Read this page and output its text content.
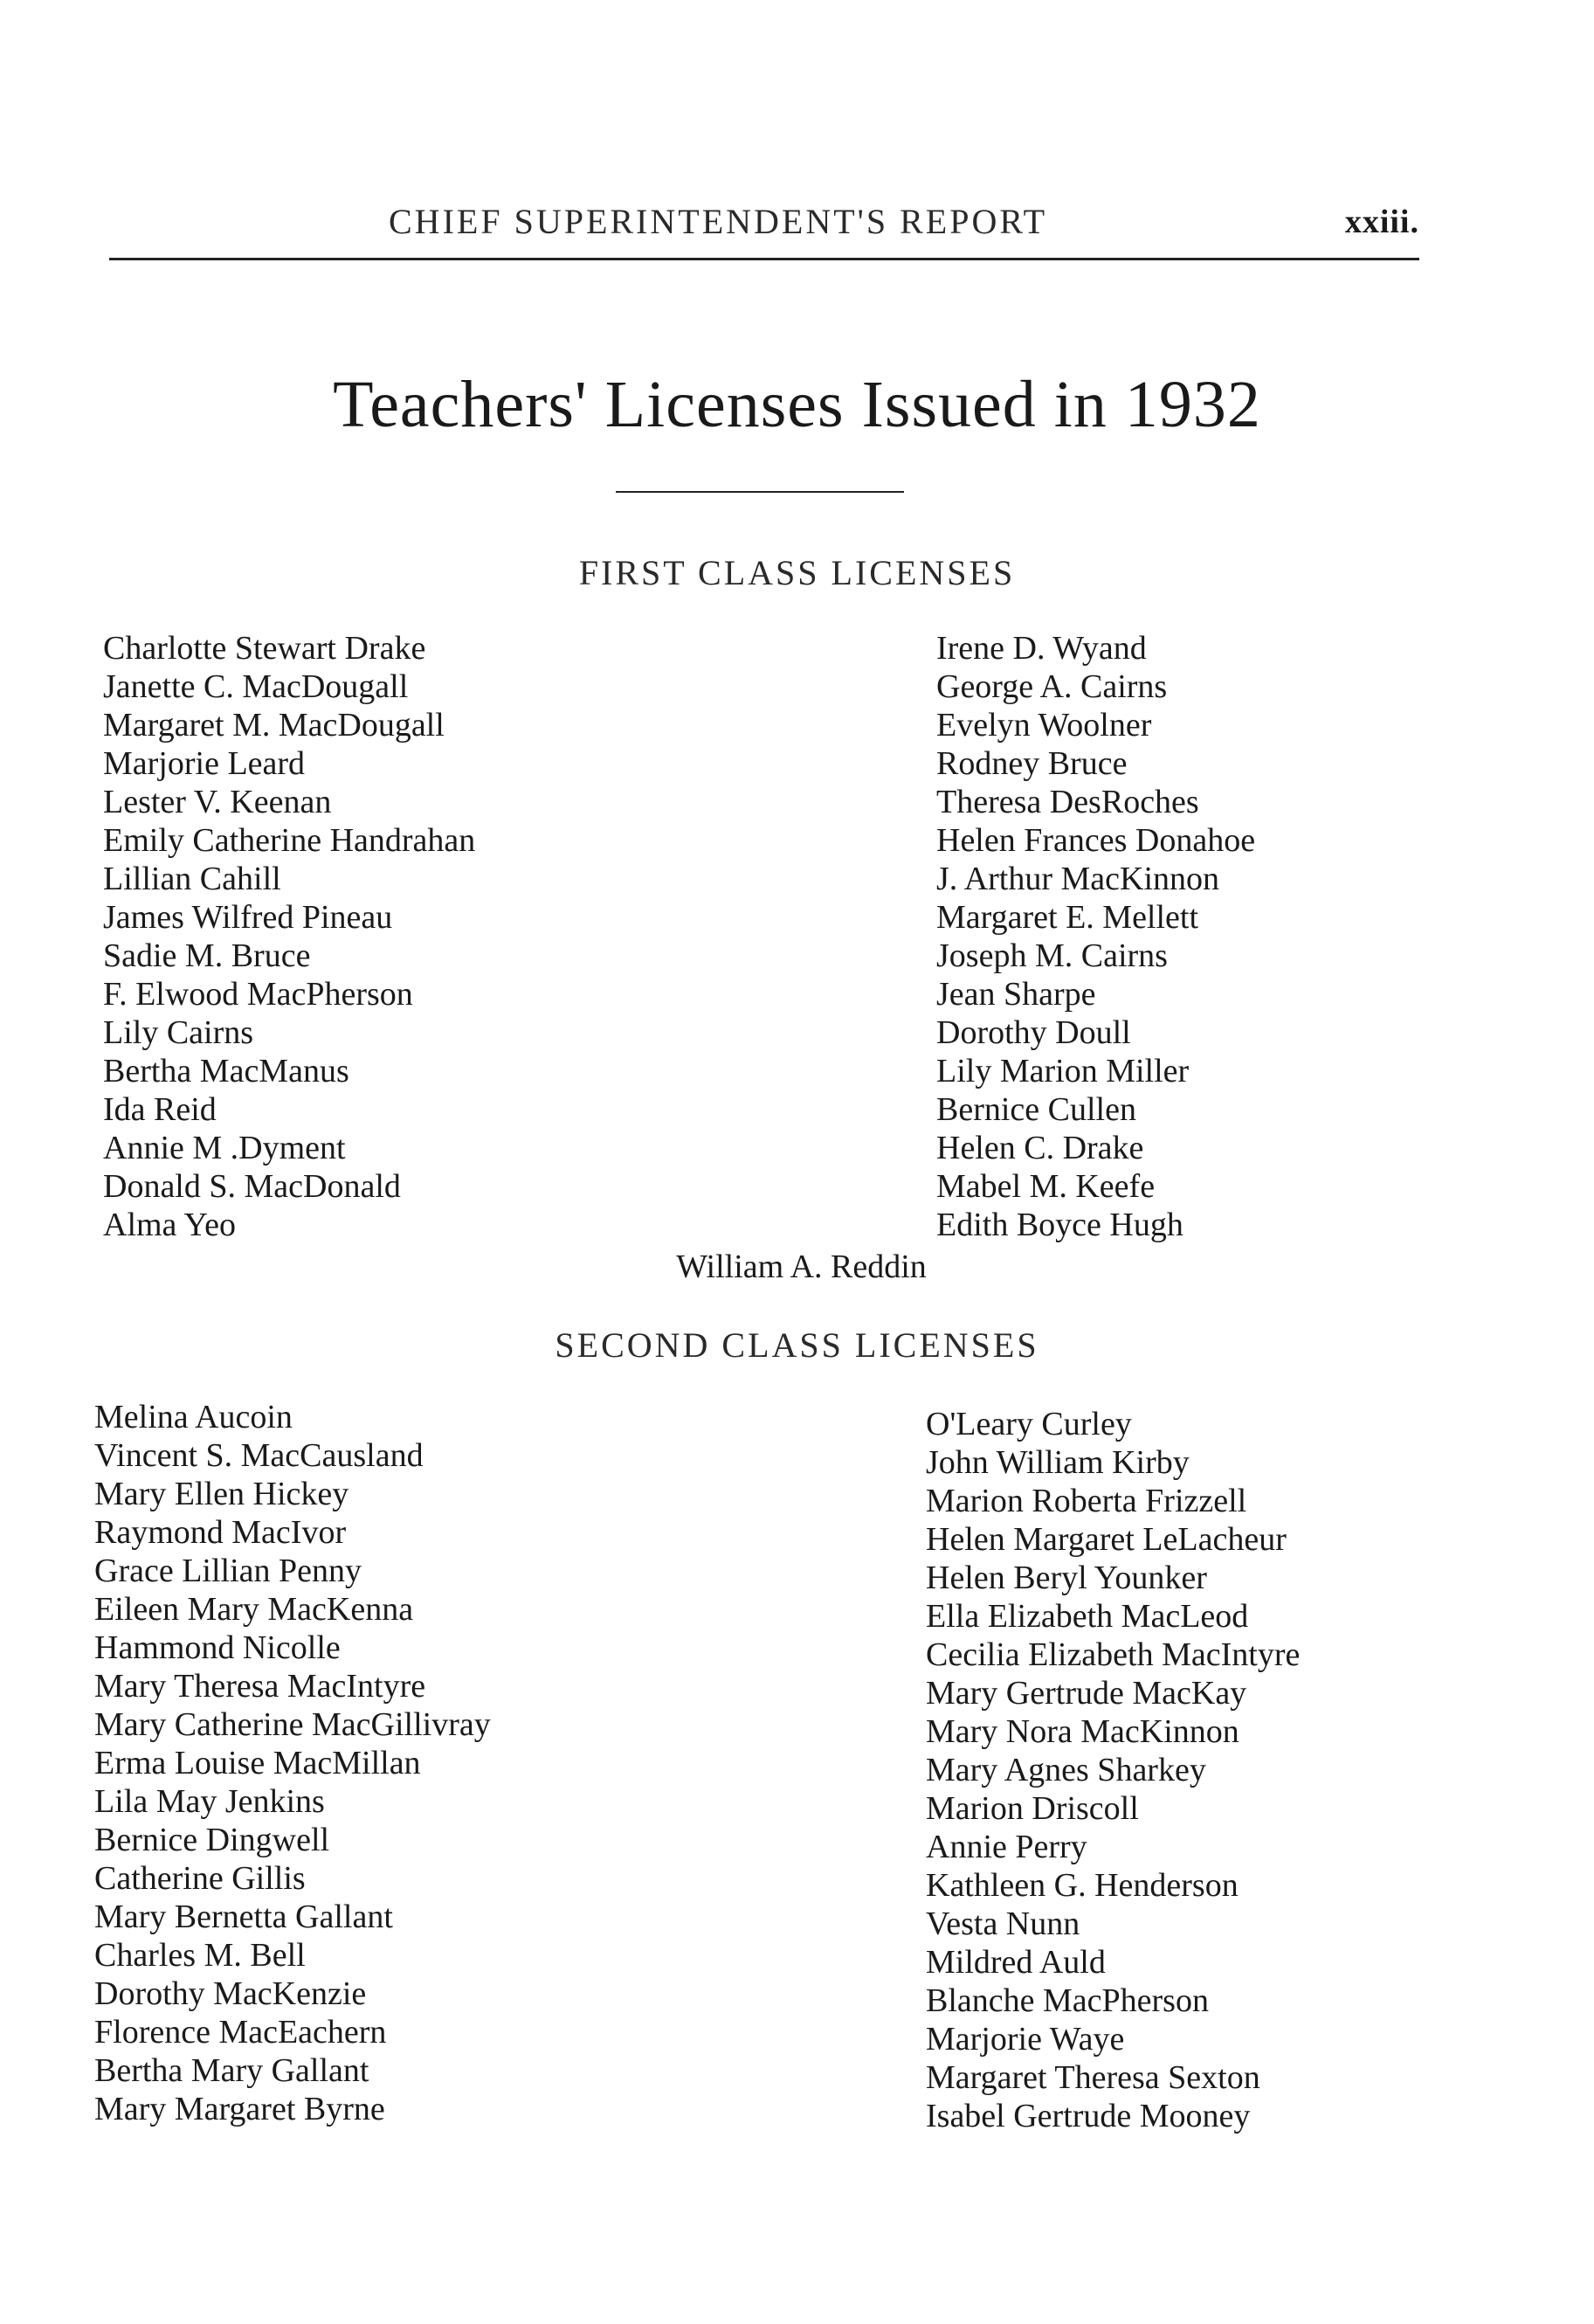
CHIEF SUPERINTENDENT'S REPORT	xxiii.
Teachers' Licenses Issued in 1932
FIRST CLASS LICENSES
Charlotte Stewart Drake
Janette C. MacDougall
Margaret M. MacDougall
Marjorie Leard
Lester V. Keenan
Emily Catherine Handrahan
Lillian Cahill
James Wilfred Pineau
Sadie M. Bruce
F. Elwood MacPherson
Lily Cairns
Bertha MacManus
Ida Reid
Annie M .Dyment
Donald S. MacDonald
Alma Yeo
Irene D. Wyand
George A. Cairns
Evelyn Woolner
Rodney Bruce
Theresa DesRoches
Helen Frances Donahoe
J. Arthur MacKinnon
Margaret E. Mellett
Joseph M. Cairns
Jean Sharpe
Dorothy Doull
Lily Marion Miller
Bernice Cullen
Helen C. Drake
Mabel M. Keefe
Edith Boyce Hugh
William A. Reddin
SECOND CLASS LICENSES
Melina Aucoin
Vincent S. MacCausland
Mary Ellen Hickey
Raymond MacIvor
Grace Lillian Penny
Eileen Mary MacKenna
Hammond Nicolle
Mary Theresa MacIntyre
Mary Catherine MacGillivray
Erma Louise MacMillan
Lila May Jenkins
Bernice Dingwell
Catherine Gillis
Mary Bernetta Gallant
Charles M. Bell
Dorothy MacKenzie
Florence MacEachern
Bertha Mary Gallant
Mary Margaret Byrne
O'Leary Curley
John William Kirby
Marion Roberta Frizzell
Helen Margaret LeLacheur
Helen Beryl Younker
Ella Elizabeth MacLeod
Cecilia Elizabeth MacIntyre
Mary Gertrude MacKay
Mary Nora MacKinnon
Mary Agnes Sharkey
Marion Driscoll
Annie Perry
Kathleen G. Henderson
Vesta Nunn
Mildred Auld
Blanche MacPherson
Marjorie Waye
Margaret Theresa Sexton
Isabel Gertrude Mooney
